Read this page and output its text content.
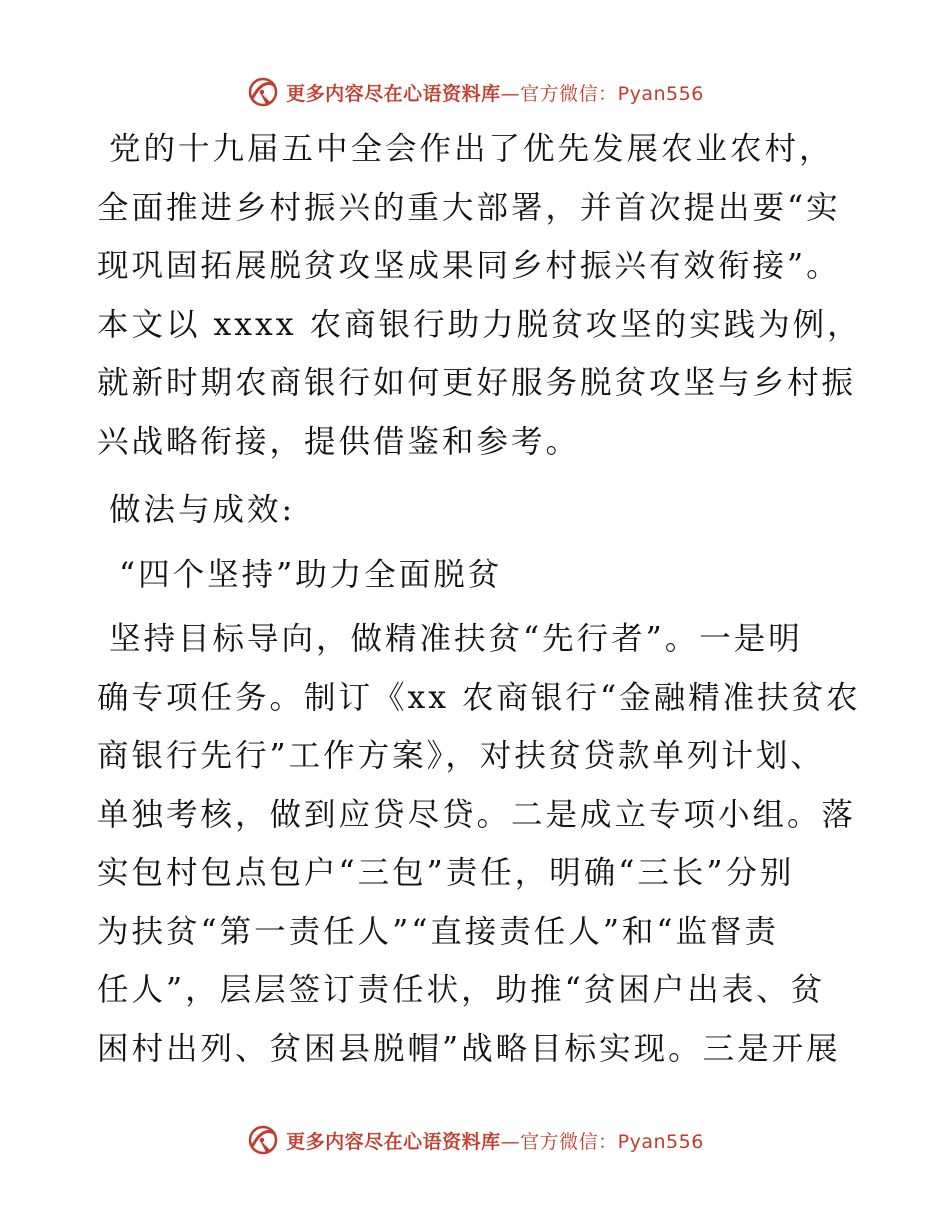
更多内容尽在心语资料库—官方微信：Pyan556

党的十九届五中全会作出了优先发展农业农村，
全面推进乡村振兴的重大部署，并首次提出要“实
现巩固拓展脱贫攻坚成果同乡村振兴有效衔接”。
本文以 xxxx 农商银行助力脱贫攻坚的实践为例，
就新时期农商银行如何更好服务脱贫攻坚与乡村振
兴战略衔接，提供借鉴和参考。

做法与成效:

“四个坚持”助力全面脱贫

坚持目标导向，做精准扶贫“先行者”。一是明
确专项任务。制订《xx 农商银行“金融精准扶贫农
商银行先行”工作方案》，对扶贫贷款单列计划、
单独考核，做到应贷尽贷。二是成立专项小组。落
实包村包点包户“三包”责任，明确“三长”分别
为扶贫“第一责任人”“直接责任人”和“监督责
任人”，层层签订责任状，助推“贫困户出表、贫
困村出列、贫困县脱帽”战略目标实现。三是开展

更多内容尽在心语资料库—官方微信：Pyan556
